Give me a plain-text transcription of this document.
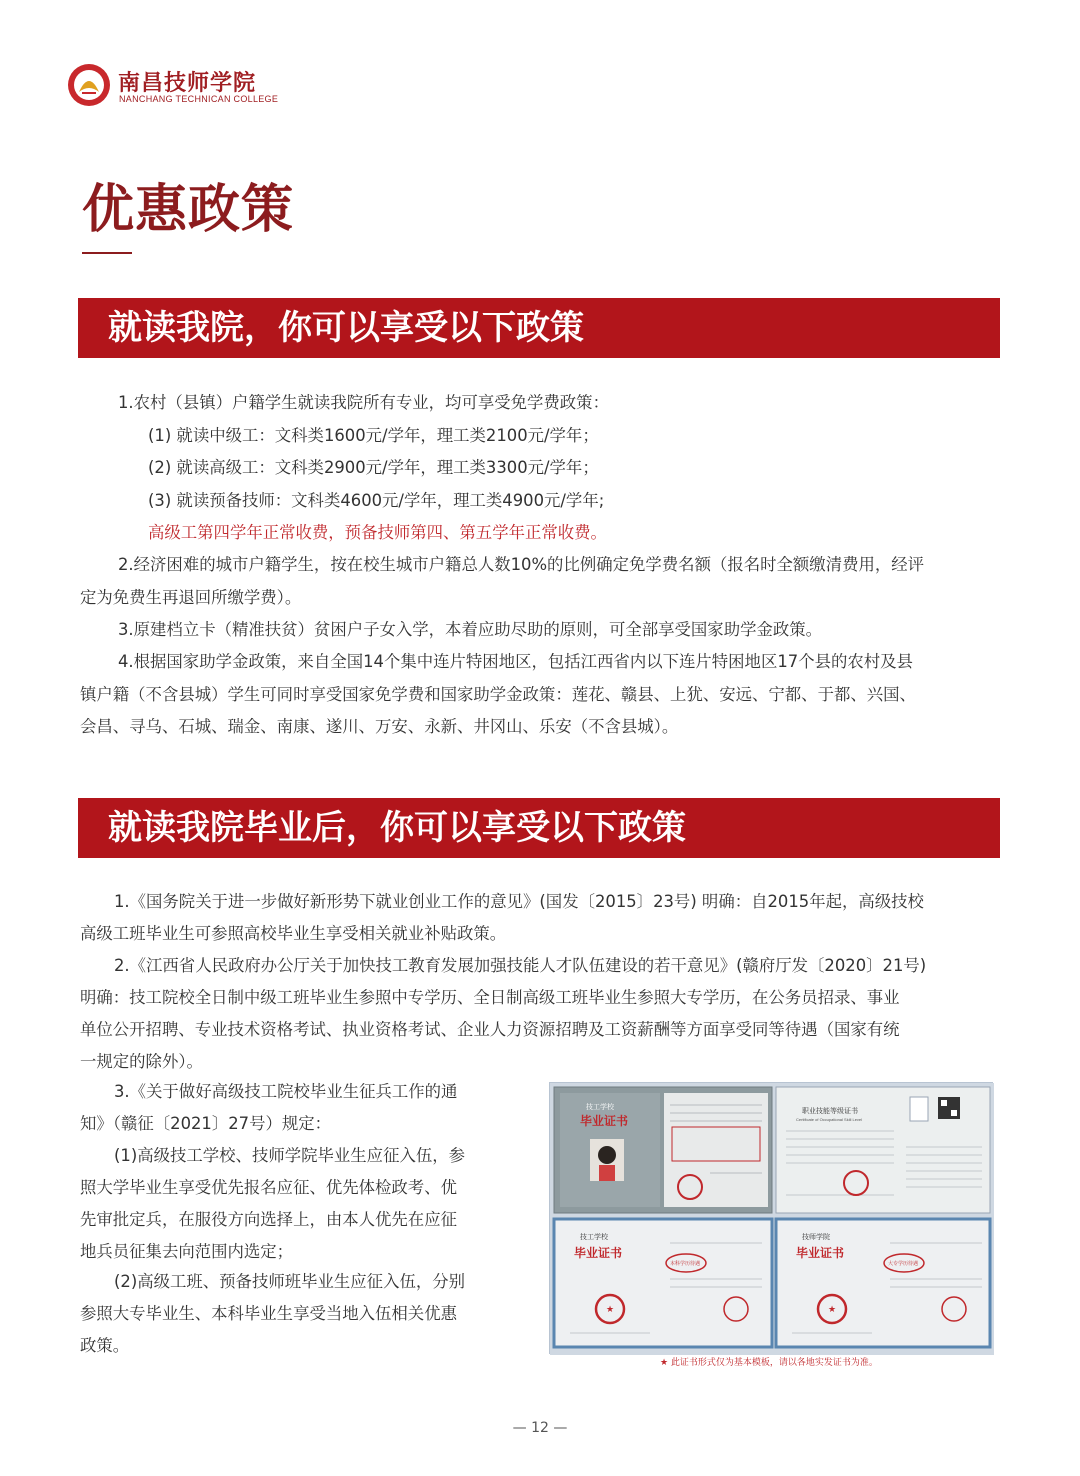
南昌技师学院
NANCHANG TECHNICAN COLLEGE
优惠政策
就读我院，你可以享受以下政策
1.农村（县镇）户籍学生就读我院所有专业，均可享受免学费政策：
(1) 就读中级工：文科类1600元/学年，理工类2100元/学年；
(2) 就读高级工：文科类2900元/学年，理工类3300元/学年；
(3) 就读预备技师：文科类4600元/学年，理工类4900元/学年;
高级工第四学年正常收费，预备技师第四、第五学年正常收费。
2.经济困难的城市户籍学生，按在校生城市户籍总人数10%的比例确定免学费名额（报名时全额缴清费用，经评
定为免费生再退回所缴学费）。
3.原建档立卡（精准扶贫）贫困户子女入学，本着应助尽助的原则，可全部享受国家助学金政策。
4.根据国家助学金政策，来自全国14个集中连片特困地区，包括江西省内以下连片特困地区17个县的农村及县
镇户籍（不含县城）学生可同时享受国家免学费和国家助学金政策：莲花、赣县、上犹、安远、宁都、于都、兴国、
会昌、寻乌、石城、瑞金、南康、遂川、万安、永新、井冈山、乐安（不含县城）。
就读我院毕业后，你可以享受以下政策
1.《国务院关于进一步做好新形势下就业创业工作的意见》(国发〔2015〕23号) 明确：自2015年起，高级技校
高级工班毕业生可参照高校毕业生享受相关就业补贴政策。
2.《江西省人民政府办公厅关于加快技工教育发展加强技能人才队伍建设的若干意见》(赣府厅发〔2020〕21号)
明确：技工院校全日制中级工班毕业生参照中专学历、全日制高级工班毕业生参照大专学历，在公务员招录、事业
单位公开招聘、专业技术资格考试、执业资格考试、企业人力资源招聘及工资薪酬等方面享受同等待遇（国家有统
一规定的除外）。
3.《关于做好高级技工院校毕业生征兵工作的通
知》（赣征〔2021〕27号）规定：
(1)高级技工学校、技师学院毕业生应征入伍，参
照大学毕业生享受优先报名应征、优先体检政考、优
先审批定兵，在服役方向选择上，由本人优先在应征
地兵员征集去向范围内选定；
(2)高级工班、预备技师班毕业生应征入伍，分别
参照大专毕业生、本科毕业生享受当地入伍相关优惠
政策。
技工学校
毕业证书
职业技能等级证书
Certificate of Occupational Skill Level
技工学校
毕业证书
本科学历待遇
★
技师学院
毕业证书
大专学历待遇
★
★ 此证书形式仅为基本模板，请以各地实发证书为准。
— 12 —
